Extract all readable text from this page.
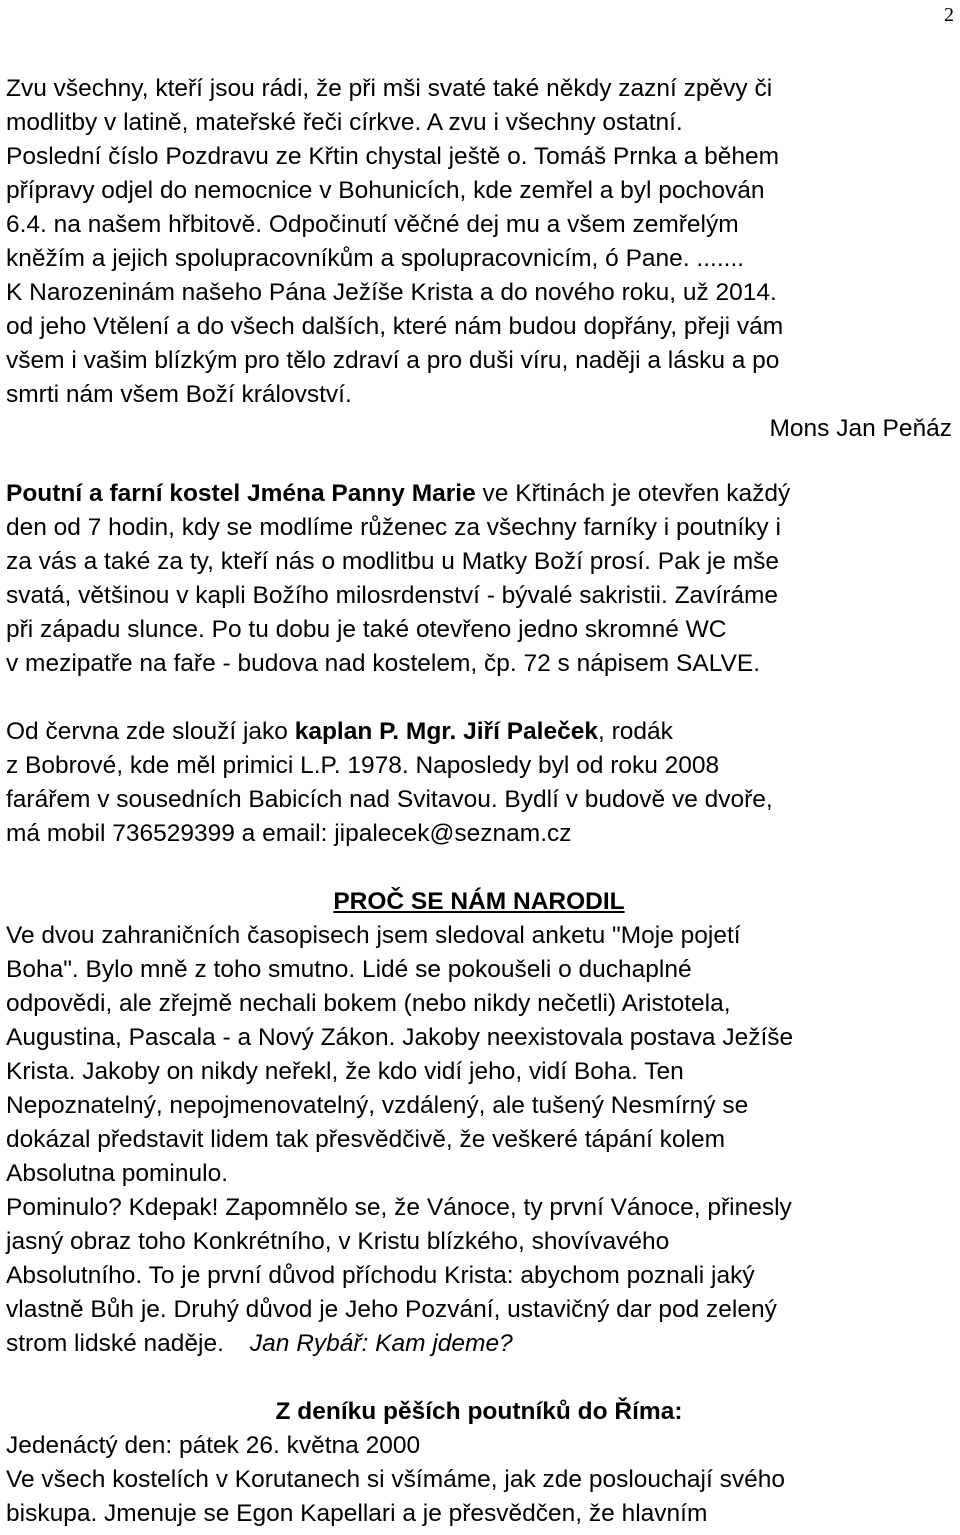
2
Zvu všechny, kteří jsou rádi, že při mši svaté také někdy zazní zpěvy či
modlitby v latině, mateřské řeči církve. A zvu i všechny ostatní.
Poslední číslo Pozdravu ze Křtin chystal ještě o. Tomáš Prnka a během
přípravy odjel do nemocnice v Bohunicích, kde zemřel a byl pochován
6.4. na našem hřbitově. Odpočinutí věčné dej mu a všem zemřelým
kněžím a jejich spolupracovníkům a spolupracovnicím, ó Pane. .......
K Narozeninám našeho Pána Ježíše Krista a do nového roku, už 2014.
od jeho Vtělení a do všech dalších, které nám budou dopřány, přeji vám
všem i vašim blízkým pro tělo zdraví a pro duši víru, naději a lásku a po
smrti nám všem Boží království.
Mons Jan Peňáz
Poutní a farní kostel Jména Panny Marie ve Křtinách je otevřen každý
den od 7 hodin, kdy se modlíme růženec za všechny farníky i poutníky i
za vás a také za ty, kteří nás o modlitbu u Matky Boží prosí. Pak je mše
svatá, většinou v kapli Božího milosrdenství - bývalé sakristii. Zavíráme
při západu slunce. Po tu dobu je také otevřeno jedno skromné WC
v mezipatře na faře - budova nad kostelem, čp. 72 s nápisem SALVE.
Od června zde slouží jako kaplan P. Mgr. Jiří Paleček, rodák
z Bobrové, kde měl primici L.P. 1978. Naposledy byl od roku 2008
farářem v sousedních Babicích nad Svitavou. Bydlí v budově ve dvoře,
má mobil 736529399 a email: jipalecek@seznam.cz
PROČ SE NÁM NARODIL
Ve dvou zahraničních časopisech jsem sledoval anketu "Moje pojetí
Boha". Bylo mně z toho smutno. Lidé se pokoušeli o duchaplné
odpovědi, ale zřejmě nechali bokem (nebo nikdy nečetli) Aristotela,
Augustina, Pascala - a Nový Zákon. Jakoby neexistovala postava Ježíše
Krista. Jakoby on nikdy neřekl, že kdo vidí jeho, vidí Boha. Ten
Nepoznatelný, nepojmenovatelný, vzdálený, ale tušený Nesmírný se
dokázal představit lidem tak přesvědčivě, že veškeré tápání kolem
Absolutna pominulo.
Pominulo? Kdepak! Zapomnělo se, že Vánoce, ty první Vánoce, přinesly
jasný obraz toho Konkrétního, v Kristu blízkého, shovívavého
Absolutního. To je první důvod příchodu Krista: abychom poznali jaký
vlastně Bůh je. Druhý důvod je Jeho Pozvání, ustavičný dar pod zelený
strom lidské naděje. Jan Rybář: Kam jdeme?
Z deníku pěších poutníků do Říma:
Jedenáctý den: pátek 26. května 2000
Ve všech kostelích v Korutanech si všímáme, jak zde poslouchají svého
biskupa. Jmenuje se Egon Kapellari a je přesvědčen, že hlavním
